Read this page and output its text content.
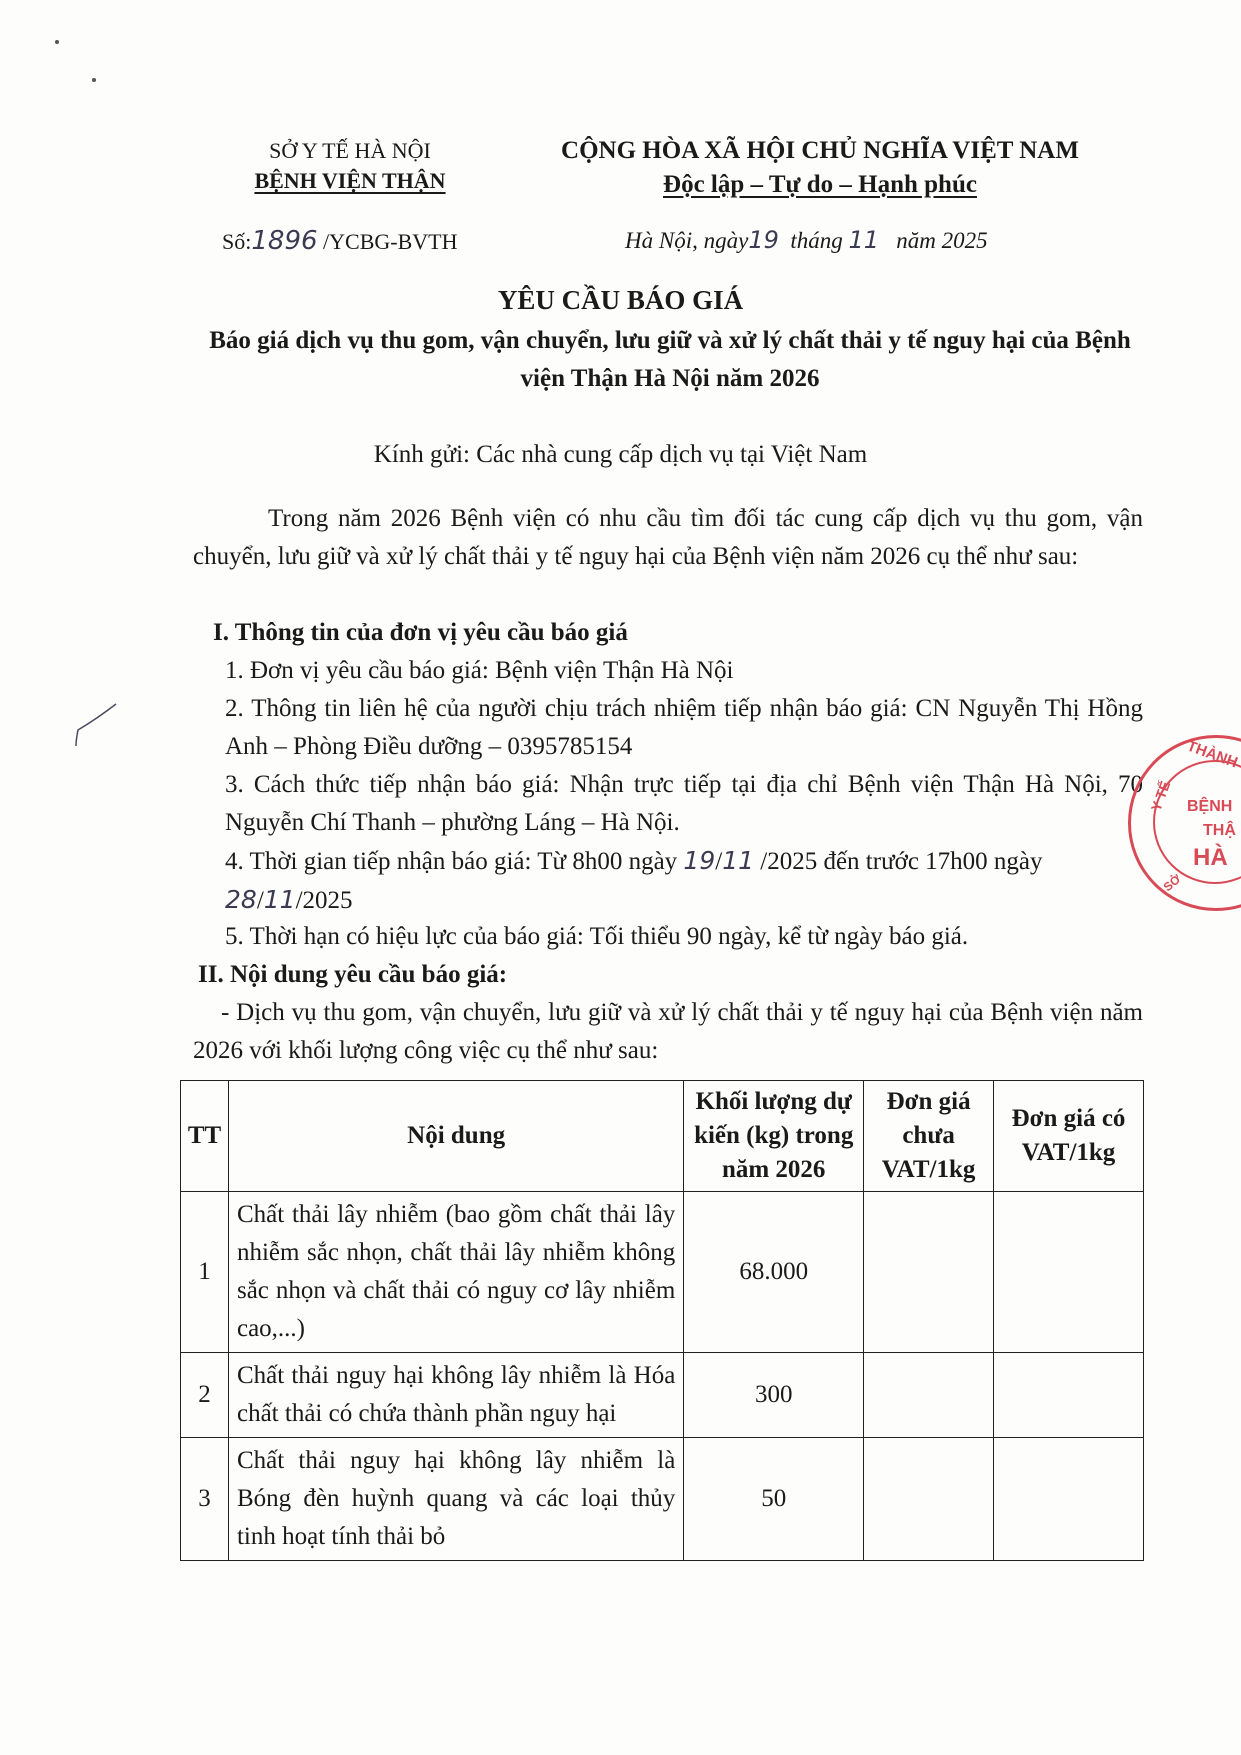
SỞ Y TẾ HÀ NỘI
BỆNH VIỆN THẬN
CỘNG HÒA XÃ HỘI CHỦ NGHĨA VIỆT NAM
Độc lập – Tự do – Hạnh phúc
Số:1896 /YCBG-BVTH	Hà Nội, ngày19 tháng 11 năm 2025
YÊU CẦU BÁO GIÁ
Báo giá dịch vụ thu gom, vận chuyển, lưu giữ và xử lý chất thải y tế nguy hại của Bệnh viện Thận Hà Nội năm 2026
Kính gửi: Các nhà cung cấp dịch vụ tại Việt Nam
Trong năm 2026 Bệnh viện có nhu cầu tìm đối tác cung cấp dịch vụ thu gom, vận chuyển, lưu giữ và xử lý chất thải y tế nguy hại của Bệnh viện năm 2026 cụ thể như sau:
I. Thông tin của đơn vị yêu cầu báo giá
1. Đơn vị yêu cầu báo giá: Bệnh viện Thận Hà Nội
2. Thông tin liên hệ của người chịu trách nhiệm tiếp nhận báo giá: CN Nguyễn Thị Hồng Anh – Phòng Điều dưỡng – 0395785154
3. Cách thức tiếp nhận báo giá: Nhận trực tiếp tại địa chỉ Bệnh viện Thận Hà Nội, 70 Nguyễn Chí Thanh – phường Láng – Hà Nội.
4. Thời gian tiếp nhận báo giá: Từ 8h00 ngày 19/11 /2025 đến trước 17h00 ngày 28/11/2025
5. Thời hạn có hiệu lực của báo giá: Tối thiểu 90 ngày, kể từ ngày báo giá.
II. Nội dung yêu cầu báo giá:
- Dịch vụ thu gom, vận chuyển, lưu giữ và xử lý chất thải y tế nguy hại của Bệnh viện năm 2026 với khối lượng công việc cụ thể như sau:
TT	Nội dung	Khối lượng dự kiến (kg) trong năm 2026	Đơn giá chưa VAT/1kg	Đơn giá có VAT/1kg
1	Chất thải lây nhiễm (bao gồm chất thải lây nhiễm sắc nhọn, chất thải lây nhiễm không sắc nhọn và chất thải có nguy cơ lây nhiễm cao,...)	68.000		
2	Chất thải nguy hại không lây nhiễm là Hóa chất thải có chứa thành phần nguy hại	300		
3	Chất thải nguy hại không lây nhiễm là Bóng đèn huỳnh quang và các loại thủy tinh hoạt tính thải bỏ	50		
THÀNH
Y TẾ BỆNH
THẬ
HÀ
SỞ
